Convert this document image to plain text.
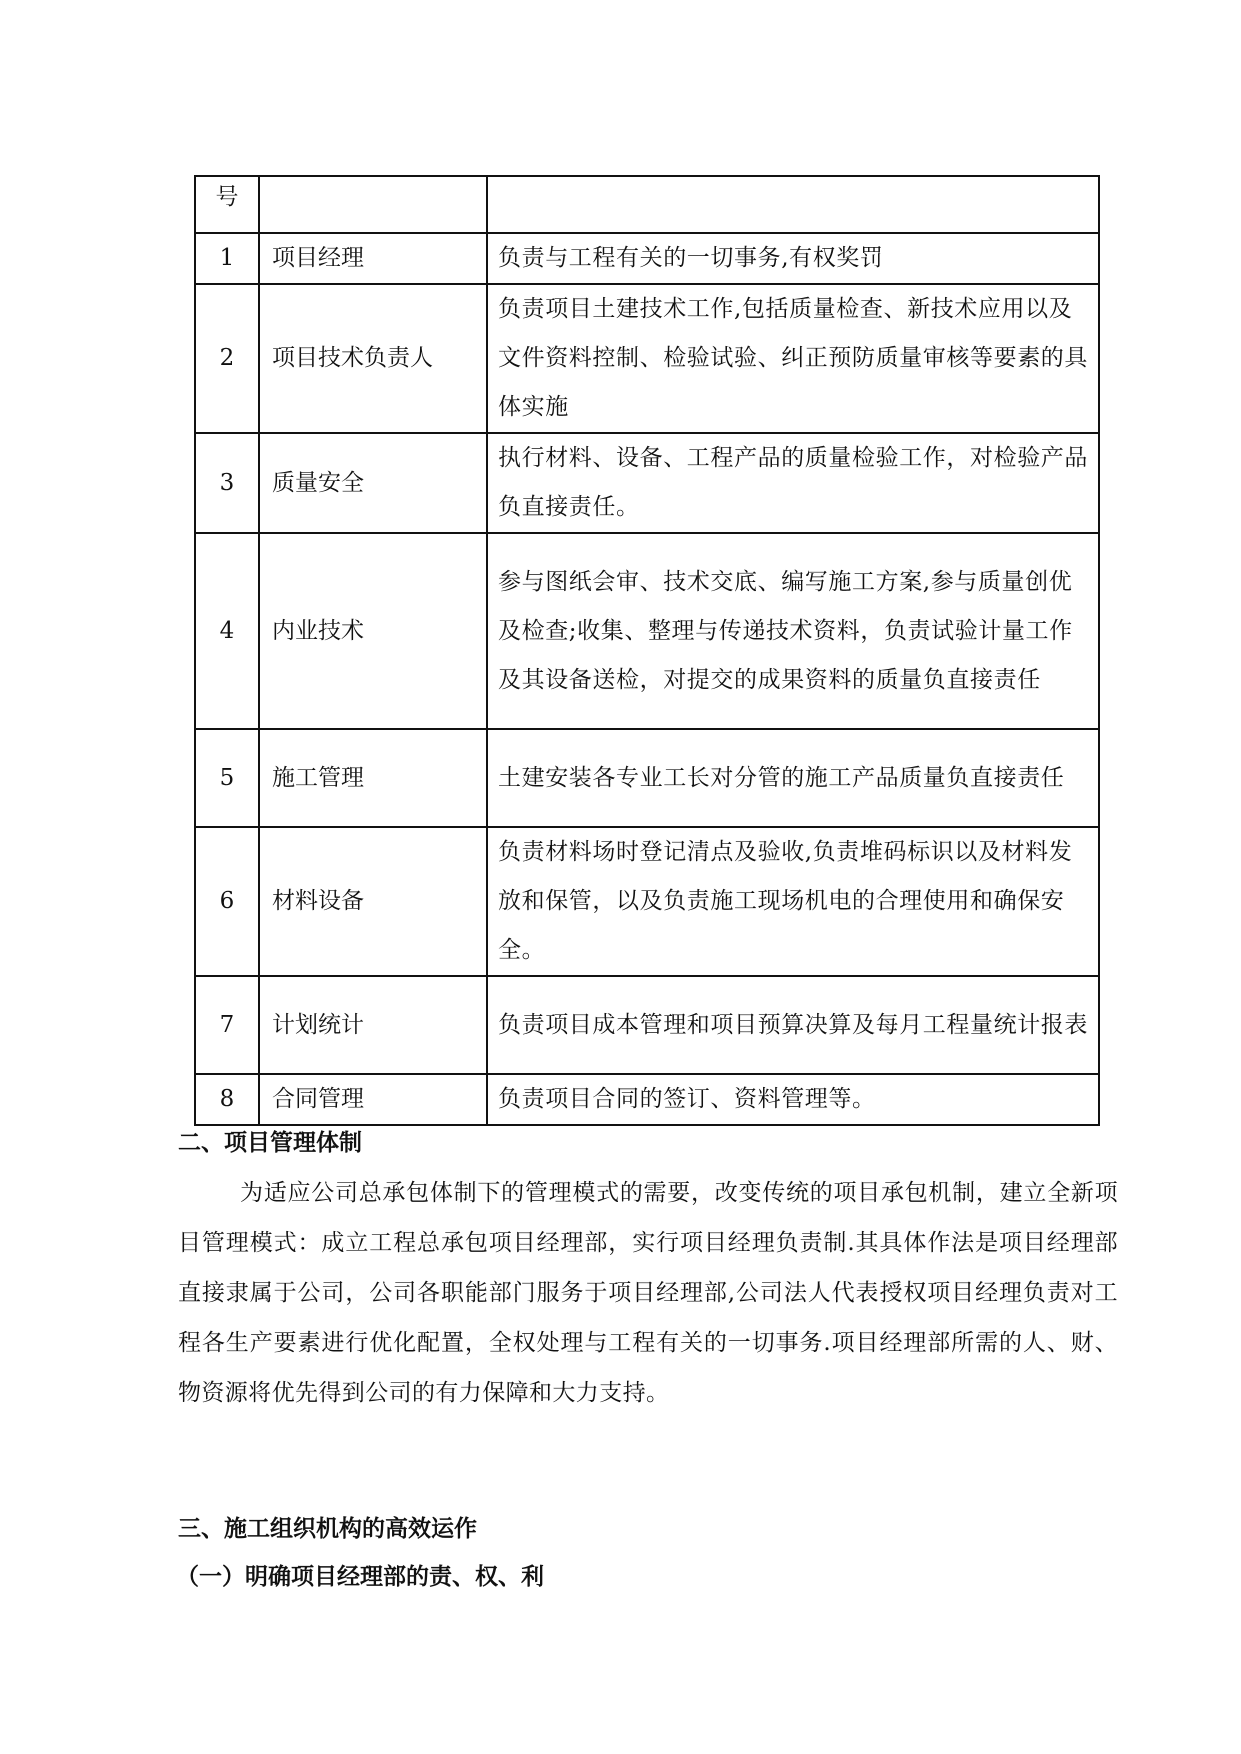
号		
1	项目经理	负责与工程有关的一切事务,有权奖罚
2	项目技术负责人	负责项目土建技术工作,包括质量检查、新技术应用以及文件资料控制、检验试验、纠正预防质量审核等要素的具体实施
3	质量安全	执行材料、设备、工程产品的质量检验工作，对检验产品负直接责任。
4	内业技术	参与图纸会审、技术交底、编写施工方案,参与质量创优及检查;收集、整理与传递技术资料，负责试验计量工作及其设备送检，对提交的成果资料的质量负直接责任
5	施工管理	土建安装各专业工长对分管的施工产品质量负直接责任
6	材料设备	负责材料场时登记清点及验收,负责堆码标识以及材料发放和保管，以及负责施工现场机电的合理使用和确保安全。
7	计划统计	负责项目成本管理和项目预算决算及每月工程量统计报表
8	合同管理	负责项目合同的签订、资料管理等。
二、项目管理体制

为适应公司总承包体制下的管理模式的需要，改变传统的项目承包机制，建立全新项目管理模式：成立工程总承包项目经理部，实行项目经理负责制.其具体作法是项目经理部直接隶属于公司，公司各职能部门服务于项目经理部,公司法人代表授权项目经理负责对工程各生产要素进行优化配置，全权处理与工程有关的一切事务.项目经理部所需的人、财、物资源将优先得到公司的有力保障和大力支持。

三、施工组织机构的高效运作
（一）明确项目经理部的责、权、利
